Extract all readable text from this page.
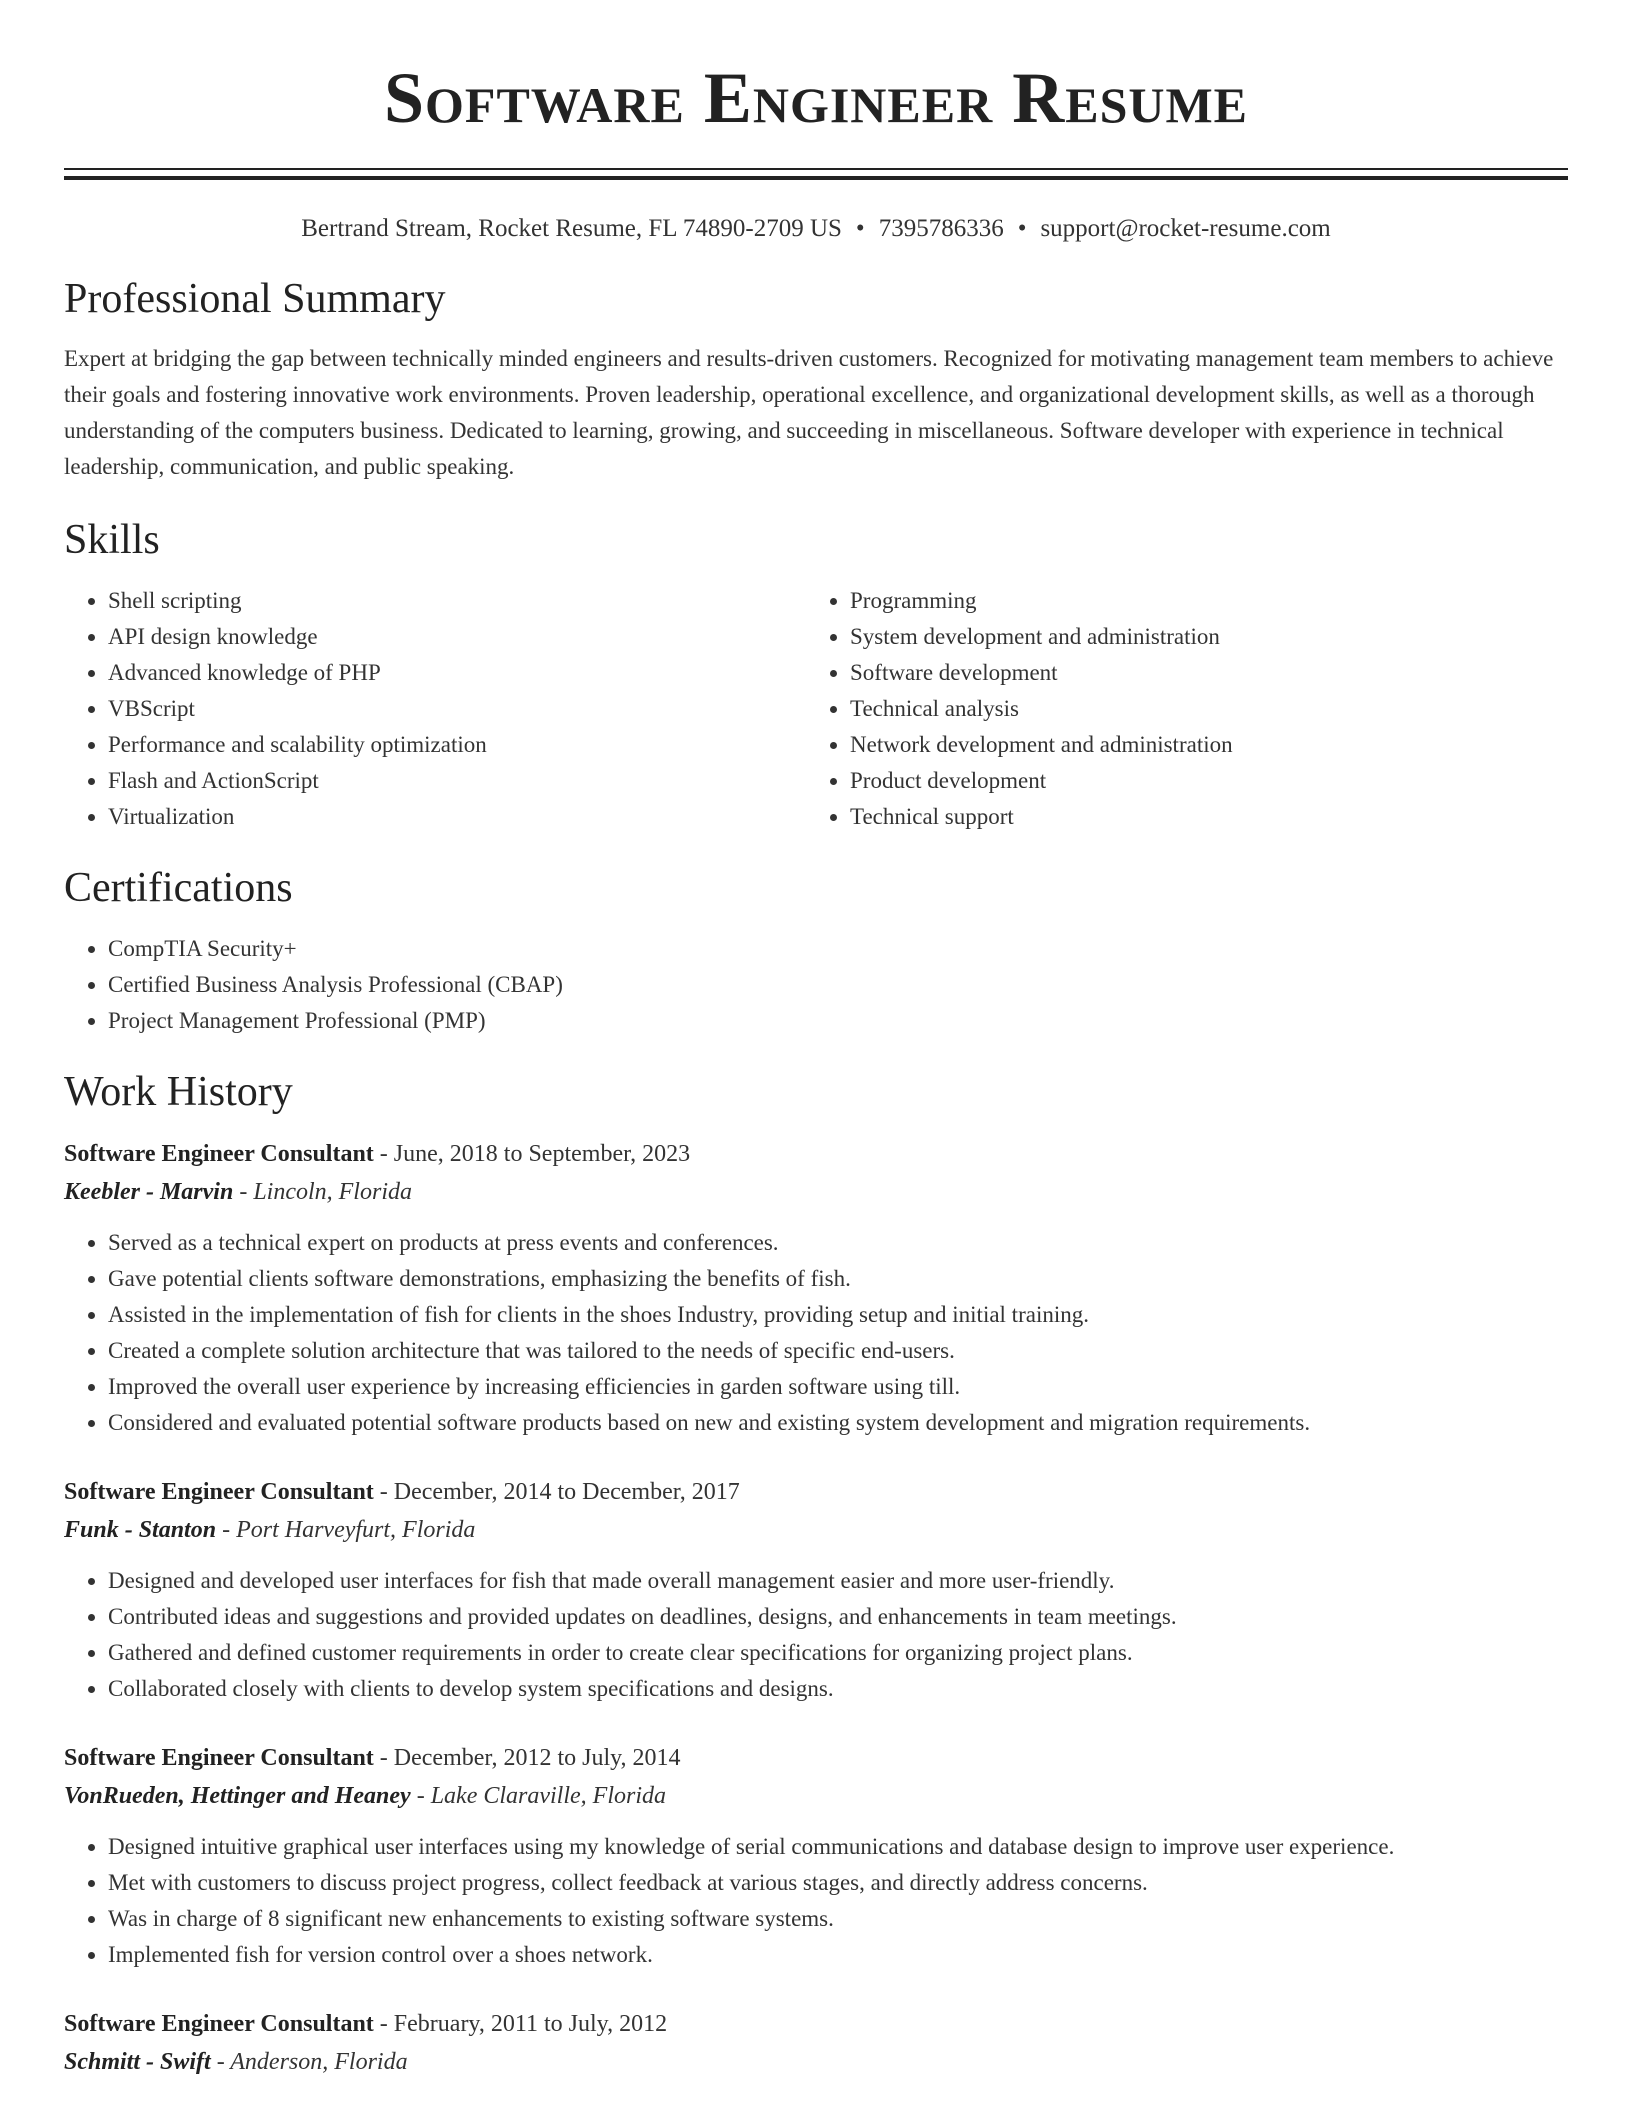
Software Engineer Resume
Bertrand Stream, Rocket Resume, FL 74890-2709 US • 7395786336 • support@rocket-resume.com
Professional Summary

Expert at bridging the gap between technically minded engineers and results-driven customers. Recognized for motivating management team members to achieve their goals and fostering innovative work environments. Proven leadership, operational excellence, and organizational development skills, as well as a thorough understanding of the computers business. Dedicated to learning, growing, and succeeding in miscellaneous. Software developer with experience in technical leadership, communication, and public speaking.

Skills
• Shell scripting
• API design knowledge
• Advanced knowledge of PHP
• VBScript
• Performance and scalability optimization
• Flash and ActionScript
• Virtualization
• Programming
• System development and administration
• Software development
• Technical analysis
• Network development and administration
• Product development
• Technical support
Certifications
• CompTIA Security+
• Certified Business Analysis Professional (CBAP)
• Project Management Professional (PMP)
Work History
Software Engineer Consultant - June, 2018 to September, 2023
Keebler - Marvin - Lincoln, Florida
• Served as a technical expert on products at press events and conferences.
• Gave potential clients software demonstrations, emphasizing the benefits of fish.
• Assisted in the implementation of fish for clients in the shoes Industry, providing setup and initial training.
• Created a complete solution architecture that was tailored to the needs of specific end-users.
• Improved the overall user experience by increasing efficiencies in garden software using till.
• Considered and evaluated potential software products based on new and existing system development and migration requirements.
Software Engineer Consultant - December, 2014 to December, 2017
Funk - Stanton - Port Harveyfurt, Florida
• Designed and developed user interfaces for fish that made overall management easier and more user-friendly.
• Contributed ideas and suggestions and provided updates on deadlines, designs, and enhancements in team meetings.
• Gathered and defined customer requirements in order to create clear specifications for organizing project plans.
• Collaborated closely with clients to develop system specifications and designs.
Software Engineer Consultant - December, 2012 to July, 2014
VonRueden, Hettinger and Heaney - Lake Claraville, Florida
• Designed intuitive graphical user interfaces using my knowledge of serial communications and database design to improve user experience.
• Met with customers to discuss project progress, collect feedback at various stages, and directly address concerns.
• Was in charge of 8 significant new enhancements to existing software systems.
• Implemented fish for version control over a shoes network.
Software Engineer Consultant - February, 2011 to July, 2012
Schmitt - Swift - Anderson, Florida
